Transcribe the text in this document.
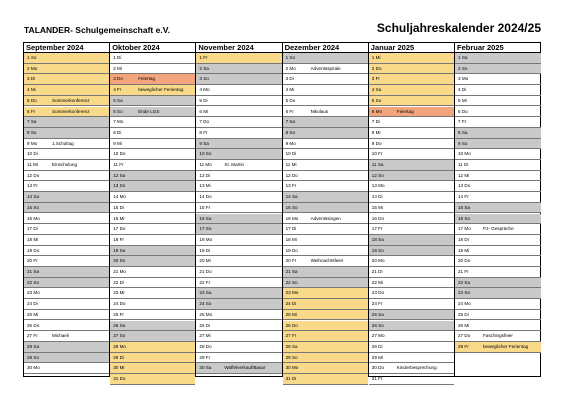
TALANDER- Schulgemeinschaft e.V.	Schuljahreskalender 2024/25
September 2024
1 So
2 Mo
3 Di
4 Mi
5 Do	Sommerkonferenz
6 Fr	Sommerkonferenz
7 Sa
8 So
9 Mo	1.Schultag
10 Di
11 Mi	Einschulung
12 Do
13 Fr
14 Sa
15 So
16 Mo
17 Di
18 Mi
19 Do
20 Fr
21 Sa
22 So
23 Mo
24 Di
25 Mi
26 Do
27 Fr	Michaeli
28 Sa
29 So
30 Mo
Oktober 2024
1 Di
2 Mi
3 Do	Feiertag
4 Fr	beweglicher Ferientag
5 Sa
6 So	Ende LGS
7 Mo
8 Di
9 Mi
10 Do
11 Fr
12 Sa
13 So
14 Mo
15 Di
16 Mi
17 Do
18 Fr
19 Sa
20 So
21 Mo
22 Di
23 Mi
24 Do
25 Fr
26 Sa
27 So
28 Mo
29 Di
30 Mi
31 Do
November 2024
1 Fr
2 Sa
3 So
4 Mo
5 Di
6 Mi
7 Do
8 Fr
9 Sa
10 So
11 Mo	St. Martin
12 Di
13 Mi
14 Do
15 Fr
16 Sa
17 So
18 Mo
19 Di
20 Mi
21 Do
22 Fr
23 Sa
24 So
25 Mo
26 Di
27 Mi
28 Do
29 Fr
30 Sa	Waffelverkauf/Basar
Dezember 2024
1 So
2 Mo	Adventsspirale
3 Di
4 Mi
5 Do
6 Fr	Nikolaus
7 Sa
8 So
9 Mo
10 Di
11 Mi
12 Do
13 Fr
14 Sa
15 So
16 Mo	Adventssingen
17 Di
18 Mi
19 Do
20 Fr	Weihnachtsfeier
21 Sa
22 So
23 Mo
24 Di
25 Mi
26 Do
27 Fr
28 Sa
29 So
30 Mo
31 Di
Januar 2025
1 Mi
2 Do
3 Fr
4 Sa
5 So
6 Mo	Feiertag
7 Di
8 Mi
9 Do
10 Fr
11 Sa
12 So
13 Mo
14 Di
15 Mi
16 Do
17 Fr
18 Sa
19 So
20 Mo
21 Di
22 Mi
23 Do
24 Fr
25 Sa
26 So
27 Mo
28 Di
29 Mi
30 Do	Kinderbesprechung
31 Fr
Februar 2025
1 Sa
2 So
3 Mo
4 Di
5 Mi
6 Do
7 Fr
8 Sa
9 So
10 Mo
11 Di
12 Mi
13 Do
14 Fr
15 Sa
16 So
17 Mo	PJ- Gespräche
18 Di
19 Mi
20 Do
21 Fr
22 Sa
23 So
24 Mo
25 Di
26 Mi
27 Do	Faschingsfeier
28 Fr	beweglicher Ferientag
